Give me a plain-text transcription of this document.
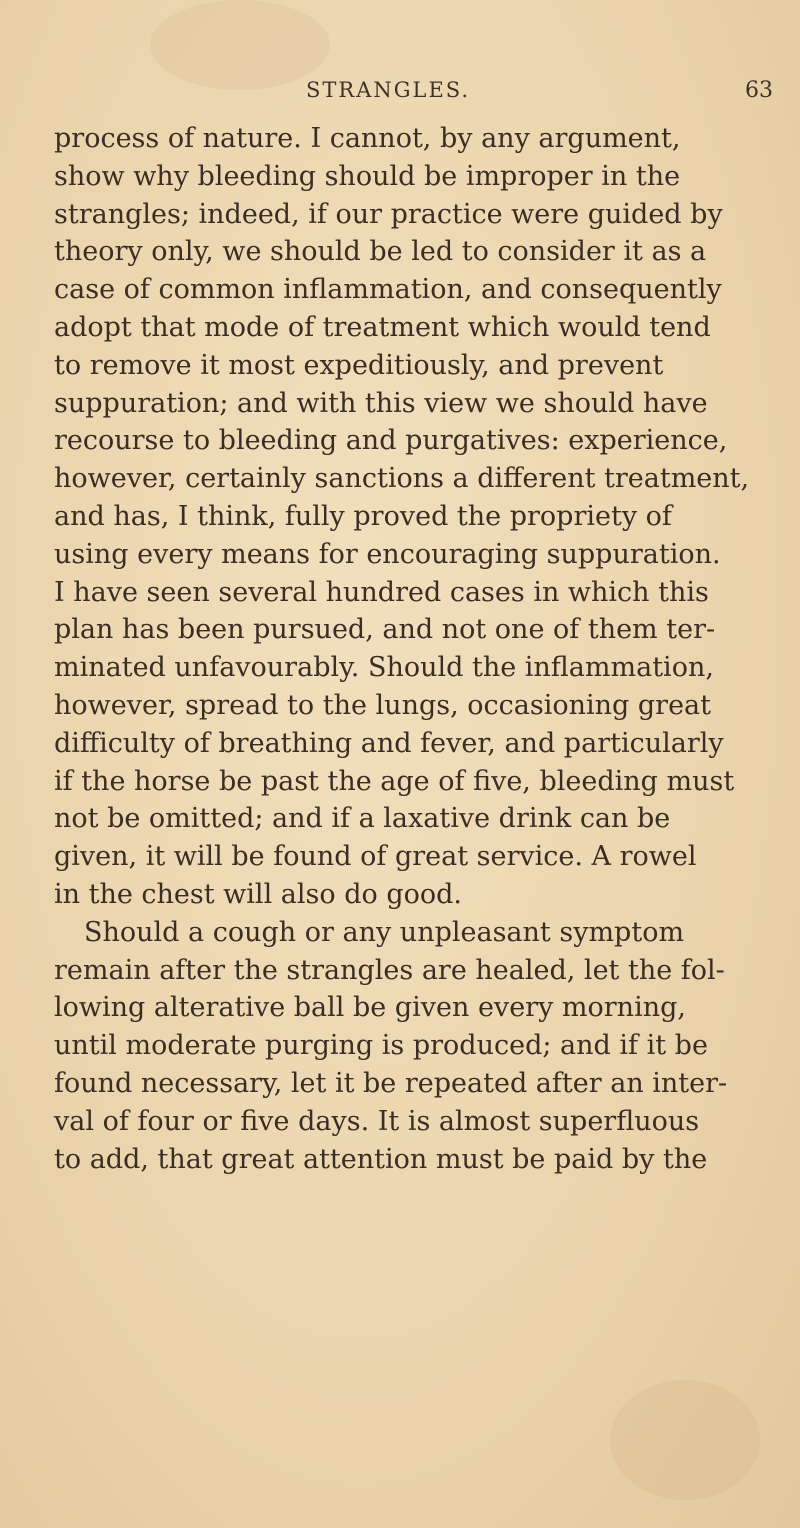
STRANGLES.	63
process of nature. I cannot, by any argument,
show why bleeding should be improper in the
strangles; indeed, if our practice were guided by
theory only, we should be led to consider it as a
case of common inflammation, and consequently
adopt that mode of treatment which would tend
to remove it most expeditiously, and prevent
suppuration; and with this view we should have
recourse to bleeding and purgatives: experience,
however, certainly sanctions a different treatment,
and has, I think, fully proved the propriety of
using every means for encouraging suppuration.
I have seen several hundred cases in which this
plan has been pursued, and not one of them ter-
minated unfavourably. Should the inflammation,
however, spread to the lungs, occasioning great
difficulty of breathing and fever, and particularly
if the horse be past the age of five, bleeding must
not be omitted; and if a laxative drink can be
given, it will be found of great service. A rowel
in the chest will also do good.
Should a cough or any unpleasant symptom
remain after the strangles are healed, let the fol-
lowing alterative ball be given every morning,
until moderate purging is produced; and if it be
found necessary, let it be repeated after an inter-
val of four or five days. It is almost superfluous
to add, that great attention must be paid by the
